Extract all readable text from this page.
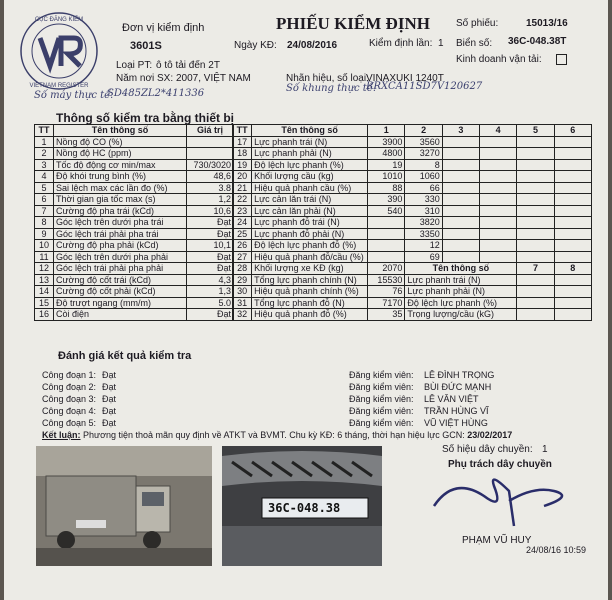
CỤC ĐĂNG KIỂM
VIETNAM REGISTER
Đơn vị kiểm định
3601S
PHIẾU KIỂM ĐỊNH
Ngày KĐ: 24/08/2016	Kiểm định lần: 1
Số phiếu:	15013/16
Biển số: 36C-048.38T
Kinh doanh vận tải:
Loại PT: ô tô tải đến 2T
Năm nơi SX: 2007, VIỆT NAM	Nhãn hiệu, số loại:
VINAXUKI 1240T
Số máy thực tế:
SD485ZL2*411336	Số khung thực tế:
RRXCA11SD7V120627
Thông số kiểm tra bằng thiết bị
TT	Tên thông số	Giá trị
1	Nồng độ CO (%)	
2	Nồng độ HC (ppm)	
3	Tốc độ động cơ min/max	730/3020
4	Độ khói trung bình (%)	48,6
5	Sai lệch max các lần đo (%)	3.8
6	Thời gian gia tốc max (s)	1,2
7	Cường độ pha trái (kCd)	10,6
8	Góc lệch trên dưới pha trái	Đạt
9	Góc lệch trái phải pha trái	Đạt
10	Cường độ pha phải (kCd)	10,1
11	Góc lệch trên dưới pha phải	Đạt
12	Góc lệch trái phải pha phải	Đạt
13	Cường độ cốt trái (kCd)	4,3
14	Cường độ cốt phải (kCd)	1,3
15	Độ trượt ngang (mm/m)	5.0
16	Còi điện	Đạt
TT	Tên thông số	1	2	3	4	5	6
17	Lực phanh trái (N)	3900	3560				
18	Lực phanh phải (N)	4800	3270				
19	Độ lệch lực phanh (%)	19	8				
20	Khối lượng cầu (kg)	1010	1060				
21	Hiệu quả phanh cầu (%)	88	66				
22	Lực cản lăn trái (N)	390	330				
23	Lực cản lăn phải (N)	540	310				
24	Lực phanh đỗ trái (N)		3820				
25	Lực phanh đỗ phải (N)		3350				
26	Độ lệch lực phanh đỗ (%)		12				
27	Hiệu quả phanh đỗ/cầu (%)		69				
28	Khối lượng xe KĐ (kg)	2070	Tên thông số			7	8
29	Tổng lực phanh chính (N)	15530	Lực phanh trái (N)				
30	Hiệu quả phanh chính (%)	76	Lực phanh phải (N)				
31	Tổng lực phanh đỗ (N)	7170	Độ lệch lực phanh (%)				
32	Hiệu quả phanh đỗ (%)	35	Trọng lượng/cầu (kG)				
Đánh giá kết quả kiểm tra
Công đoạn 1: Đạt	Đăng kiểm viên: LÊ ĐÌNH TRỌNG
Công đoạn 2: Đạt	Đăng kiểm viên: BÙI ĐỨC MẠNH
Công đoạn 3: Đạt	Đăng kiểm viên: LÊ VĂN VIỆT
Công đoạn 4: Đạt	Đăng kiểm viên: TRẦN HÙNG VĨ
Công đoạn 5: Đạt	Đăng kiểm viên: VŨ VIỆT HÙNG
Kết luận: Phương tiện thoả mãn quy định về ATKT và BVMT. Chu kỳ KĐ: 6 tháng, thời hạn hiệu lực GCN: 23/02/2017
Số hiệu dây chuyền: 1
Phụ trách dây chuyền
36C-048.38
PHẠM VŨ HUY
24/08/16 10:59
